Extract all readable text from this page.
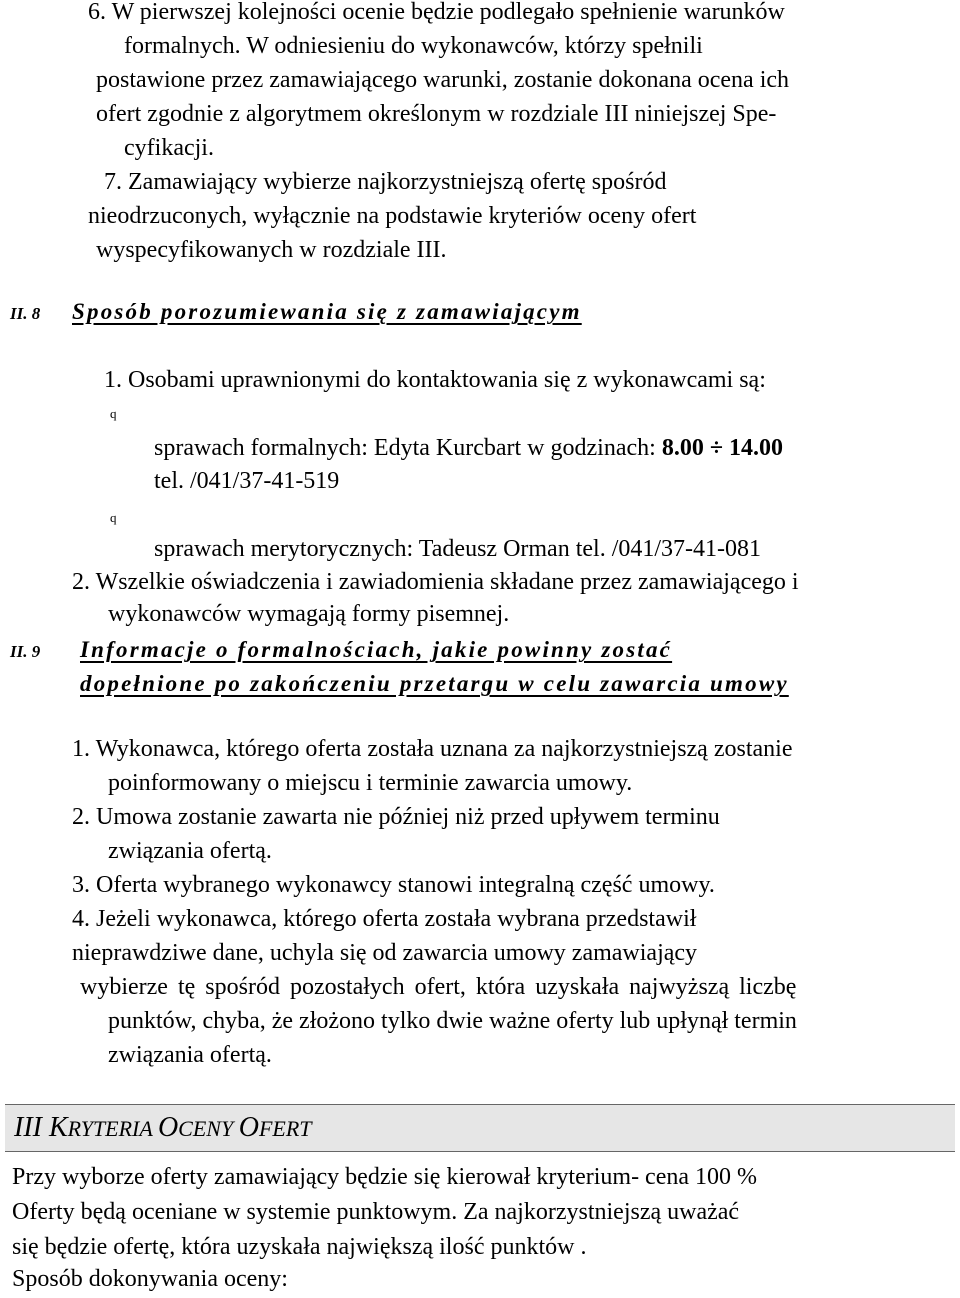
6. W pierwszej kolejności ocenie będzie podlegało spełnienie warunków
formalnych. W odniesieniu do wykonawców, którzy spełnili
postawione przez zamawiającego warunki, zostanie dokonana ocena ich
ofert zgodnie z algorytmem określonym w rozdziale III niniejszej Spe-
cyfikacji.
7. Zamawiający wybierze najkorzystniejszą ofertę spośród
nieodrzuconych, wyłącznie na podstawie kryteriów oceny ofert
wyspecyfikowanych w rozdziale III.
II. 8 Sposób porozumiewania się z zamawiającym
1. Osobami uprawnionymi do kontaktowania się z wykonawcami są:
q
sprawach formalnych: Edyta Kurcbart w godzinach: 8.00 ÷ 14.00
tel. /041/37-41-519
q
sprawach merytorycznych: Tadeusz Orman tel. /041/37-41-081
2. Wszelkie oświadczenia i zawiadomienia składane przez zamawiającego i
wykonawców wymagają formy pisemnej.
II. 9 Informacje o formalnościach, jakie powinny zostać
dopełnione po zakończeniu przetargu w celu zawarcia umowy
1. Wykonawca, którego oferta została uznana za najkorzystniejszą zostanie
poinformowany o miejscu i terminie zawarcia umowy.
2. Umowa zostanie zawarta nie później niż przed upływem terminu
związania ofertą.
3. Oferta wybranego wykonawcy stanowi integralną część umowy.
4. Jeżeli wykonawca, którego oferta została wybrana przedstawił
nieprawdziwe dane, uchyla się od zawarcia umowy zamawiający
wybierze tę spośród pozostałych ofert, która uzyskała najwyższą liczbę
punktów, chyba, że złożono tylko dwie ważne oferty lub upłynął termin
związania ofertą.
III KRYTERIA OCENY OFERT
Przy wyborze oferty zamawiający będzie się kierował kryterium- cena 100 %
Oferty będą oceniane w systemie punktowym. Za najkorzystniejszą uważać
się będzie ofertę, która uzyskała największą ilość punktów .
Sposób dokonywania oceny:
